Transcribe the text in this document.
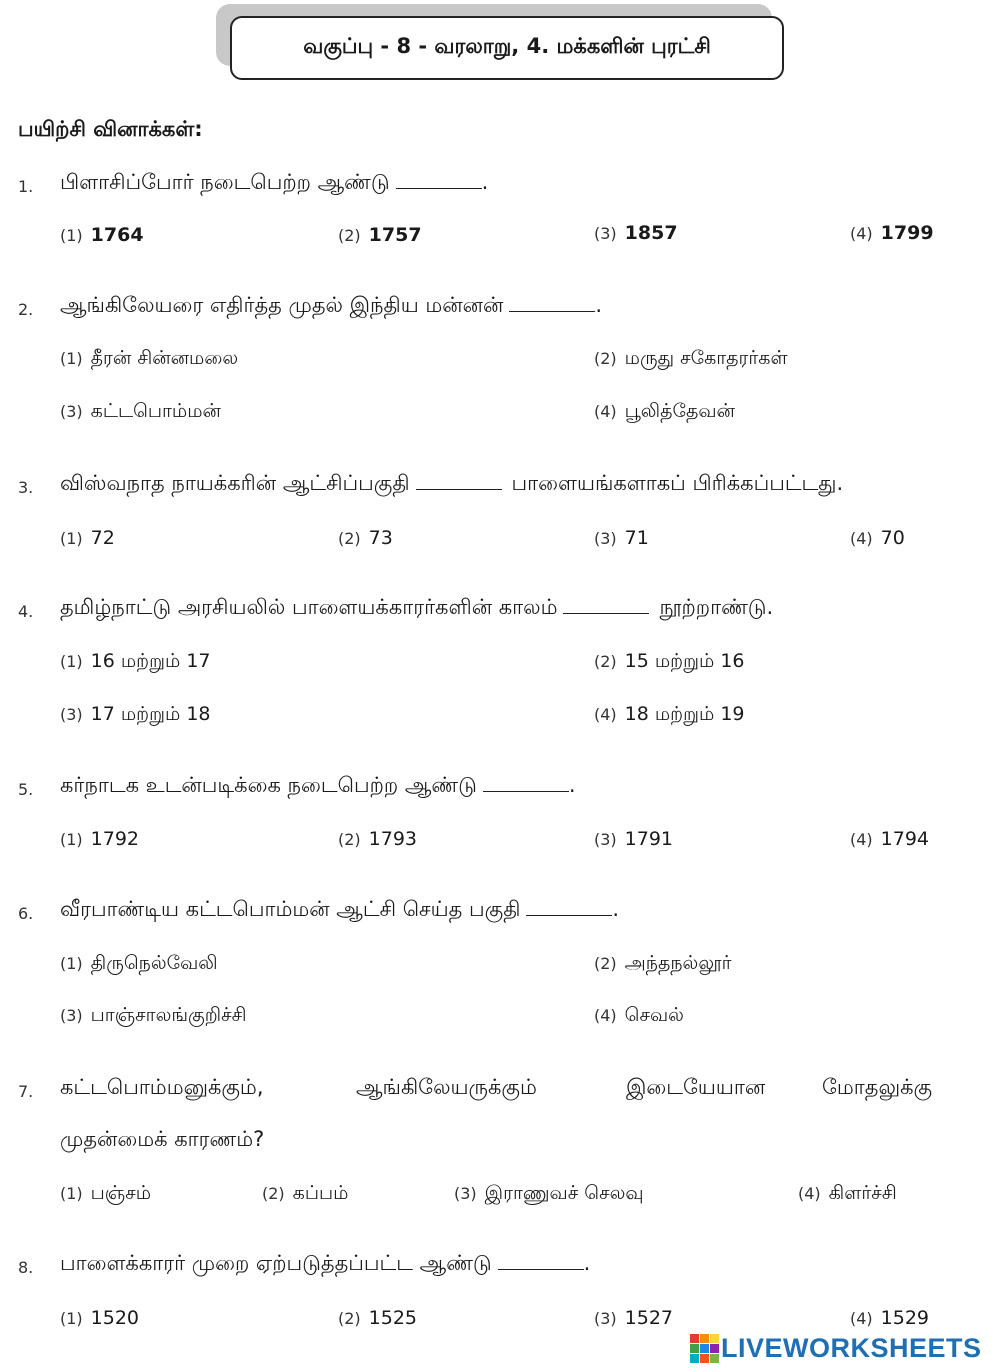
வகுப்பு - 8 - வரலாறு, 4. மக்களின் புரட்சி
பயிற்சி வினாக்கள்:
1. பிளாசிப்போர் நடைபெற்ற ஆண்டு	.
(1) 1764	(2) 1757	(3) 1857	(4) 1799
2. ஆங்கிலேயரை எதிர்த்த முதல் இந்திய மன்னன்	.
(1) தீரன் சின்னமலை	(2) மருது சகோதரர்கள்
(3) கட்டபொம்மன்	(4) பூலித்தேவன்
3. விஸ்வநாத நாயக்கரின் ஆட்சிப்பகுதி	பாளையங்களாகப் பிரிக்கப்பட்டது.
(1) 72	(2) 73	(3) 71	(4) 70
4. தமிழ்நாட்டு அரசியலில் பாளையக்காரர்களின் காலம்	நூற்றாண்டு.
(1) 16 மற்றும் 17	(2) 15 மற்றும் 16
(3) 17 மற்றும் 18	(4) 18 மற்றும் 19
5. கர்நாடக உடன்படிக்கை நடைபெற்ற ஆண்டு	.
(1) 1792	(2) 1793	(3) 1791	(4) 1794
6. வீரபாண்டிய கட்டபொம்மன் ஆட்சி செய்த பகுதி	.
(1) திருநெல்வேலி	(2) அந்தநல்லூர்
(3) பாஞ்சாலங்குறிச்சி	(4) செவல்
7. கட்டபொம்மனுக்கும்,	ஆங்கிலேயருக்கும்	இடையேயான	மோதலுக்கு
முதன்மைக் காரணம்?
(1) பஞ்சம்	(2) கப்பம்	(3) இராணுவச் செலவு	(4) கிளர்ச்சி
8. பாளைக்காரர் முறை ஏற்படுத்தப்பட்ட ஆண்டு	.
(1) 1520	(2) 1525	(3) 1527	(4) 1529
LIVEWORKSHEETS
